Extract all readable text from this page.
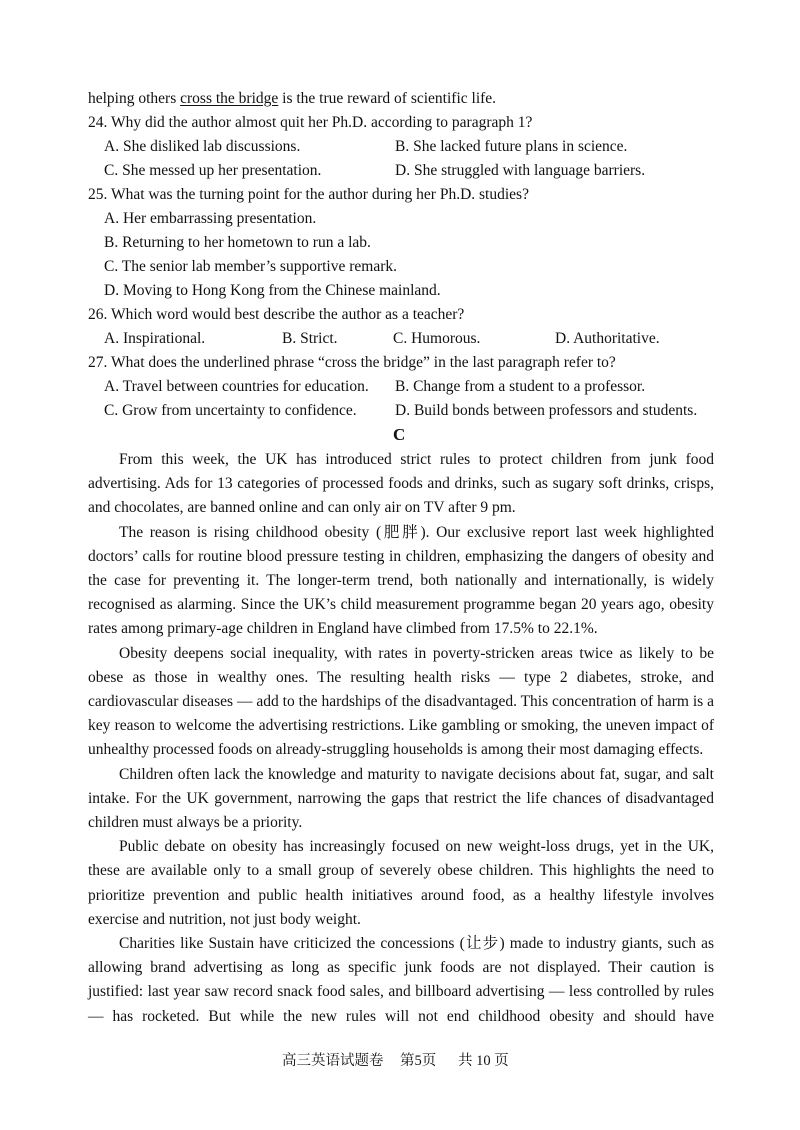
helping others cross the bridge is the true reward of scientific life.
24. Why did the author almost quit her Ph.D. according to paragraph 1?
A. She disliked lab discussions.	B. She lacked future plans in science.
C. She messed up her presentation.	D. She struggled with language barriers.
25. What was the turning point for the author during her Ph.D. studies?
A. Her embarrassing presentation.
B. Returning to her hometown to run a lab.
C. The senior lab member’s supportive remark.
D. Moving to Hong Kong from the Chinese mainland.
26. Which word would best describe the author as a teacher?
A. Inspirational.	B. Strict.	C. Humorous.	D. Authoritative.
27. What does the underlined phrase “cross the bridge” in the last paragraph refer to?
A. Travel between countries for education. B. Change from a student to a professor.
C. Grow from uncertainty to confidence. D. Build bonds between professors and students.
C

From this week, the UK has introduced strict rules to protect children from junk food advertising. Ads for 13 categories of processed foods and drinks, such as sugary soft drinks, crisps, and chocolates, are banned online and can only air on TV after 9 pm.

The reason is rising childhood obesity (肥胖). Our exclusive report last week highlighted doctors’ calls for routine blood pressure testing in children, emphasizing the dangers of obesity and the case for preventing it. The longer-term trend, both nationally and internationally, is widely recognised as alarming. Since the UK’s child measurement programme began 20 years ago, obesity rates among primary-age children in England have climbed from 17.5% to 22.1%.

Obesity deepens social inequality, with rates in poverty-stricken areas twice as likely to be obese as those in wealthy ones. The resulting health risks — type 2 diabetes, stroke, and cardiovascular diseases — add to the hardships of the disadvantaged. This concentration of harm is a key reason to welcome the advertising restrictions. Like gambling or smoking, the uneven impact of unhealthy processed foods on already-struggling households is among their most damaging effects.

Children often lack the knowledge and maturity to navigate decisions about fat, sugar, and salt intake. For the UK government, narrowing the gaps that restrict the life chances of disadvantaged children must always be a priority.

Public debate on obesity has increasingly focused on new weight-loss drugs, yet in the UK, these are available only to a small group of severely obese children. This highlights the need to prioritize prevention and public health initiatives around food, as a healthy lifestyle involves exercise and nutrition, not just body weight.

Charities like Sustain have criticized the concessions (让步) made to industry giants, such as allowing brand advertising as long as specific junk foods are not displayed. Their caution is justified: last year saw record snack food sales, and billboard advertising — less controlled by rules — has rocketed. But while the new rules will not end childhood obesity and should have

高三英语试题卷 第5页 共 10 页
